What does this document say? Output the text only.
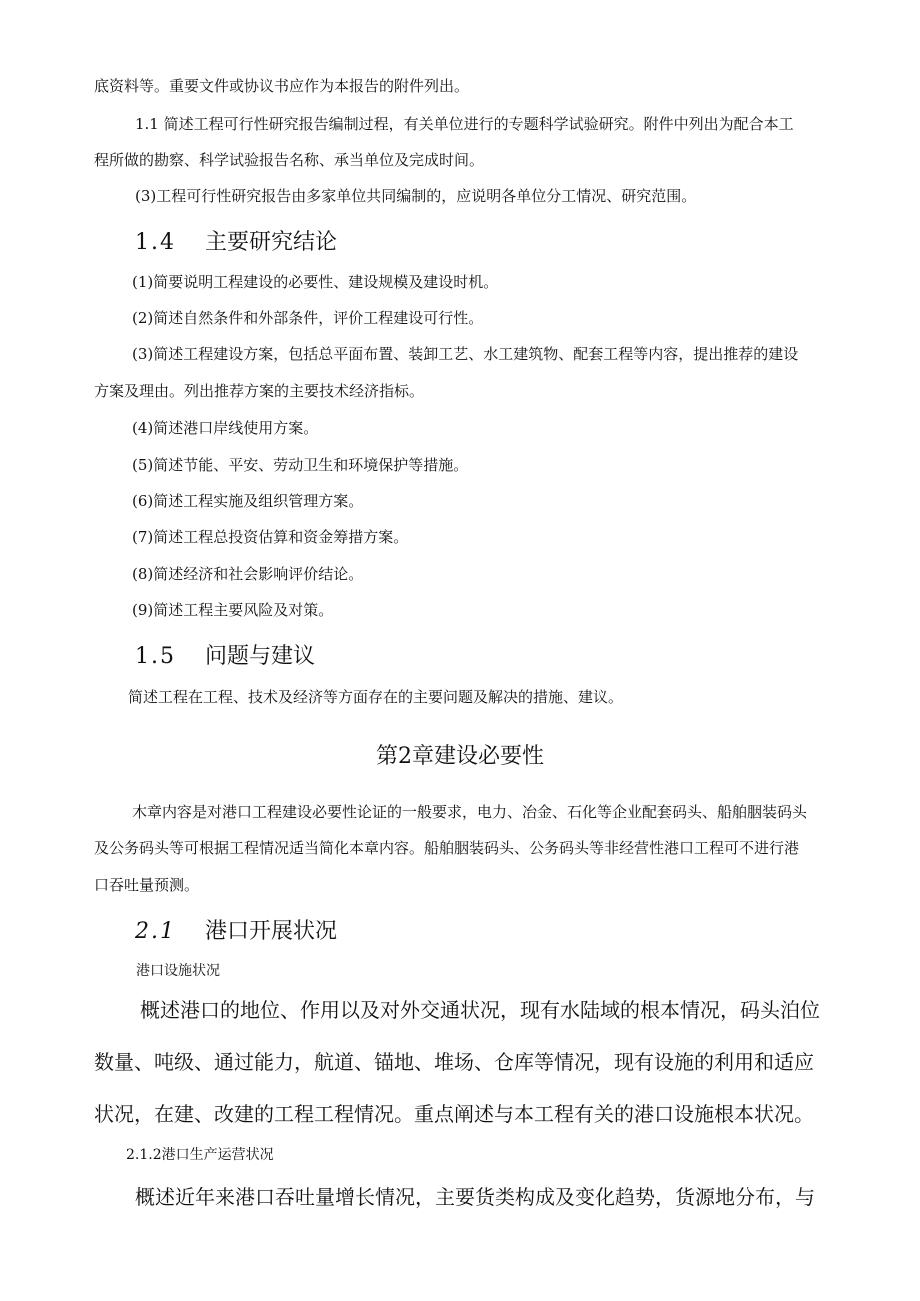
底资料等。重要文件或协议书应作为本报告的附件列出。
1.1 简述工程可行性研究报告编制过程，有关单位进行的专题科学试验研究。附件中列出为配合本工
程所做的勘察、科学试验报告名称、承当单位及完成时间。
(3)工程可行性研究报告由多家单位共同编制的，应说明各单位分工情况、研究范围。
1.4 主要研究结论
(1)简要说明工程建设的必要性、建设规模及建设时机。
(2)简述自然条件和外部条件，评价工程建设可行性。
(3)简述工程建设方案，包括总平面布置、装卸工艺、水工建筑物、配套工程等内容，提出推荐的建设
方案及理由。列出推荐方案的主要技术经济指标。
(4)简述港口岸线使用方案。
(5)简述节能、平安、劳动卫生和环境保护等措施。
(6)简述工程实施及组织管理方案。
(7)简述工程总投资估算和资金筹措方案。
(8)简述经济和社会影响评价结论。
(9)简述工程主要风险及对策。
1.5 问题与建议
简述工程在工程、技术及经济等方面存在的主要问题及解决的措施、建议。
第2章建设必要性
木章内容是对港口工程建设必要性论证的一般要求，电力、冶金、石化等企业配套码头、船舶胭装码头
及公务码头等可根据工程情况适当简化本章内容。船舶胭装码头、公务码头等非经营性港口工程可不进行港
口吞吐量预测。
2.1 港口开展状况
港口设施状况
概述港口的地位、作用以及对外交通状况，现有水陆域的根本情况，码头泊位
数量、吨级、通过能力，航道、锚地、堆场、仓库等情况，现有设施的利用和适应
状况，在建、改建的工程工程情况。重点阐述与本工程有关的港口设施根本状况。
2.1.2港口生产运营状况
概述近年来港口吞吐量增长情况，主要货类构成及变化趋势，货源地分布，与
